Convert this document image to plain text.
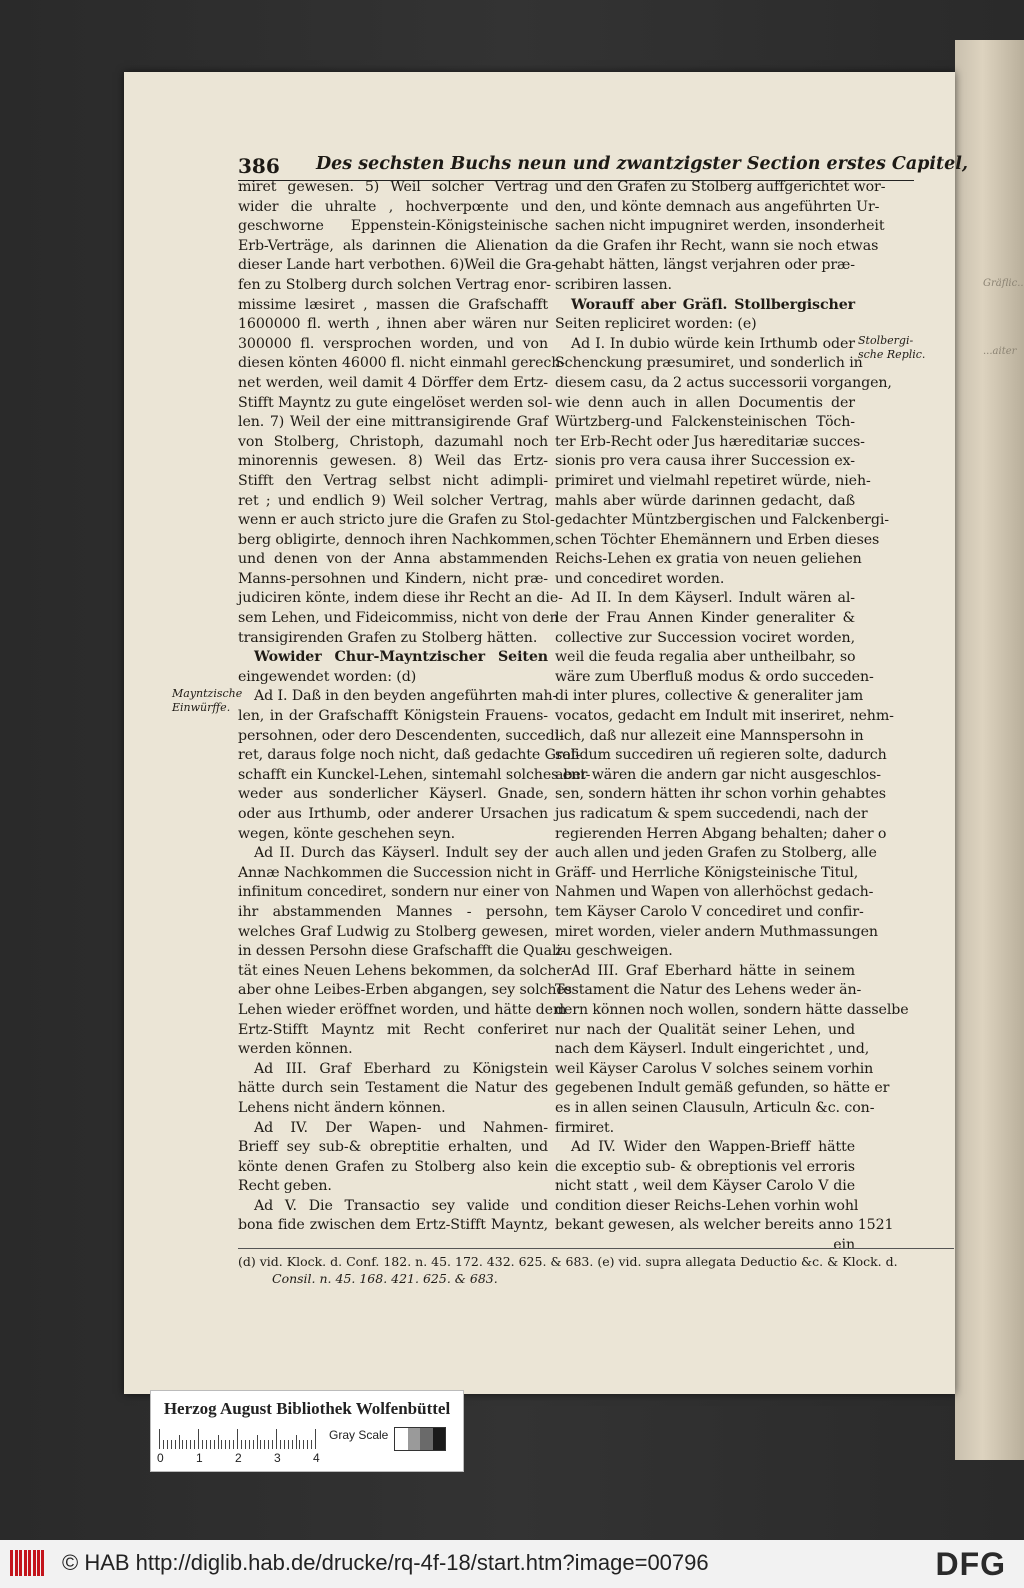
Gräflic..
...aiter
386 Des sechsten Buchs neun und zwantzigster Section erstes Capitel,
miret gewesen. 5) Weil solcher Vertrag
wider die uhralte , hochverpœnte und
geschworne Eppenstein-Königsteinische
Erb-Verträge, als darinnen die Alienation
dieser Lande hart verbothen. 6)Weil die Gra-
fen zu Stolberg durch solchen Vertrag enor-
missime læsiret , massen die Grafschafft
1600000 fl. werth , ihnen aber wären nur
300000 fl. versprochen worden, und von
diesen könten 46000 fl. nicht einmahl gerech-
net werden, weil damit 4 Dörffer dem Ertz-
Stifft Mayntz zu gute eingelöset werden sol-
len. 7) Weil der eine mittransigirende Graf
von Stolberg, Christoph, dazumahl noch
minorennis gewesen. 8) Weil das Ertz-
Stifft den Vertrag selbst nicht adimpli-
ret ; und endlich 9) Weil solcher Vertrag,
wenn er auch stricto jure die Grafen zu Stol-
berg obligirte, dennoch ihren Nachkommen,
und denen von der Anna abstammenden
Manns-persohnen und Kindern, nicht præ-
judiciren könte, indem diese ihr Recht an die-
sem Lehen, und Fideicommiss, nicht von den
transigirenden Grafen zu Stolberg hätten.
Wowider Chur-Mayntzischer Seiten
eingewendet worden: (d)
Ad I. Daß in den beyden angeführten mah-
len, in der Grafschafft Königstein Frauens-
persohnen, oder dero Descendenten, succedi-
ret, daraus folge noch nicht, daß gedachte Graf-
schafft ein Kunckel-Lehen, sintemahl solches ent-
weder aus sonderlicher Käyserl. Gnade,
oder aus Irthumb, oder anderer Ursachen
wegen, könte geschehen seyn.
Ad II. Durch das Käyserl. Indult sey der
Annæ Nachkommen die Succession nicht in
infinitum concediret, sondern nur einer von
ihr abstammenden Mannes - persohn,
welches Graf Ludwig zu Stolberg gewesen,
in dessen Persohn diese Grafschafft die Quali-
tät eines Neuen Lehens bekommen, da solcher
aber ohne Leibes-Erben abgangen, sey solches
Lehen wieder eröffnet worden, und hätte dem
Ertz-Stifft Mayntz mit Recht conferiret
werden können.
Ad III. Graf Eberhard zu Königstein
hätte durch sein Testament die Natur des
Lehens nicht ändern können.
Ad IV. Der Wapen- und Nahmen-
Brieff sey sub-& obreptitie erhalten, und
könte denen Grafen zu Stolberg also kein
Recht geben.
Ad V. Die Transactio sey valide und
bona fide zwischen dem Ertz-Stifft Mayntz,
und den Grafen zu Stolberg auffgerichtet wor-
den, und könte demnach aus angeführten Ur-
sachen nicht impugniret werden, insonderheit
da die Grafen ihr Recht, wann sie noch etwas
gehabt hätten, längst verjahren oder præ-
scribiren lassen.
Worauff aber Gräfl. Stollbergischer
Seiten repliciret worden: (e)
Ad I. In dubio würde kein Irthumb oder
Schenckung præsumiret, und sonderlich in
diesem casu, da 2 actus successorii vorgangen,
wie denn auch in allen Documentis der
Würtzberg-und Falckensteinischen Töch-
ter Erb-Recht oder Jus hæreditariæ succes-
sionis pro vera causa ihrer Succession ex-
primiret und vielmahl repetiret würde, nieh-
mahls aber würde darinnen gedacht, daß
gedachter Müntzbergischen und Falckenbergi-
schen Töchter Ehemännern und Erben dieses
Reichs-Lehen ex gratia von neuen geliehen
und concediret worden.
Ad II. In dem Käyserl. Indult wären al-
le der Frau Annen Kinder generaliter &
collective zur Succession vociret worden,
weil die feuda regalia aber untheilbahr, so
wäre zum Uberfluß modus & ordo succeden-
di inter plures, collective & generaliter jam
vocatos, gedacht em Indult mit inseriret, nehm-
lich, daß nur allezeit eine Mannspersohn in
solidum succediren uñ regieren solte, dadurch
aber wären die andern gar nicht ausgeschlos-
sen, sondern hätten ihr schon vorhin gehabtes
jus radicatum & spem succedendi, nach der
regierenden Herren Abgang behalten; daher o
auch allen und jeden Grafen zu Stolberg, alle
Gräff- und Herrliche Königsteinische Titul,
Nahmen und Wapen von allerhöchst gedach-
tem Käyser Carolo V concediret und confir-
miret worden, vieler andern Muthmassungen
zu geschweigen.
Ad III. Graf Eberhard hätte in seinem
Testament die Natur des Lehens weder än-
dern können noch wollen, sondern hätte dasselbe
nur nach der Qualität seiner Lehen, und
nach dem Käyserl. Indult eingerichtet , und,
weil Käyser Carolus V solches seinem vorhin
gegebenen Indult gemäß gefunden, so hätte er
es in allen seinen Clausuln, Articuln &c. con-
firmiret.
Ad IV. Wider den Wappen-Brieff hätte
die exceptio sub- & obreptionis vel erroris
nicht statt , weil dem Käyser Carolo V die
condition dieser Reichs-Lehen vorhin wohl
bekant gewesen, als welcher bereits anno 1521
ein
Mayntzische
Einwürffe.
Stolbergi-
sche Replic.
(d) vid. Klock. d. Conf. 182. n. 45. 172. 432. 625. & 683. (e) vid. supra allegata Deductio &c. & Klock. d.
Consil. n. 45. 168. 421. 625. & 683.
Herzog August Bibliothek Wolfenbüttel
0	1	2	3	4
Gray Scale
© HAB http://diglib.hab.de/drucke/rq-4f-18/start.htm?image=00796	DFG
